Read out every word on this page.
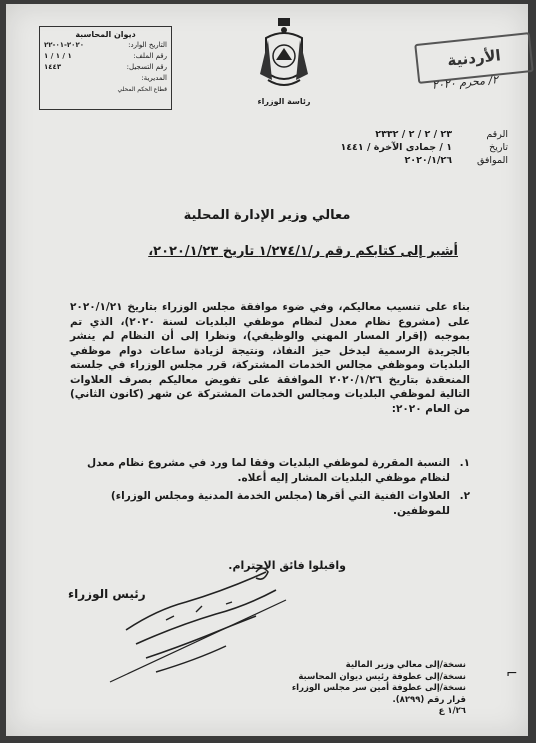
ديوان المحاسبة
التاريخ الوارد:
٢٠٢٠-٠١-٢٢
رقم الملف:
١ / ١ / ١
رقم التسجيل:
١٤٤٣
المديرية:
قطاع الحكم المحلي
رئاسة الوزراء
الأردنية
٢/ محرم ٢٠٢٠
الرقم
٢٣ / ٢ / ٢ / ٢٣٣٢
تاريخ
١ / جمادى الآخرة / ١٤٤١
الموافق
٢٠٢٠/١/٢٦
معالي وزير الإدارة المحلية
أشير إلى كتابكم رقم ر/١/٢٧٤/١ تاريخ ٢٠٢٠/١/٢٣،
بناء على تنسيب معاليكم، وفي ضوء موافقة مجلس الوزراء بتاريخ ٢٠٢٠/١/٢١ على (مشروع نظام معدل لنظام موظفي البلديات لسنة ٢٠٢٠)، الذي تم بموجبه (إقرار المسار المهني والوظيفي)، ونظرا إلى أن النظام لم ينشر بالجريدة الرسمية ليدخل حيز النفاذ، ونتيجة لزيادة ساعات دوام موظفي البلديات وموظفي مجالس الخدمات المشتركة، قرر مجلس الوزراء في جلسته المنعقدة بتاريخ ٢٠٢٠/١/٢٦ الموافقة على تفويض معاليكم بصرف العلاوات التالية لموظفي البلديات ومجالس الخدمات المشتركة عن شهر (كانون الثاني) من العام ٢٠٢٠:
١.
النسبة المقررة لموظفي البلديات وفقا لما ورد في مشروع نظام معدل لنظام موظفي البلديات المشار إليه أعلاه.
٢.
العلاوات الفنية التي أقرها (مجلس الخدمة المدنية ومجلس الوزراء) للموظفين.
واقبلوا فائق الاحترام.
رئيس الوزراء
نسخة/إلى معالي وزير المالية
نسخة/إلى عطوفة رئيس ديوان المحاسبة
نسخة/إلى عطوفة أمين سر مجلس الوزراء
قرار رقم (٨٢٩٩).
١/٢٦ ع
⌐
